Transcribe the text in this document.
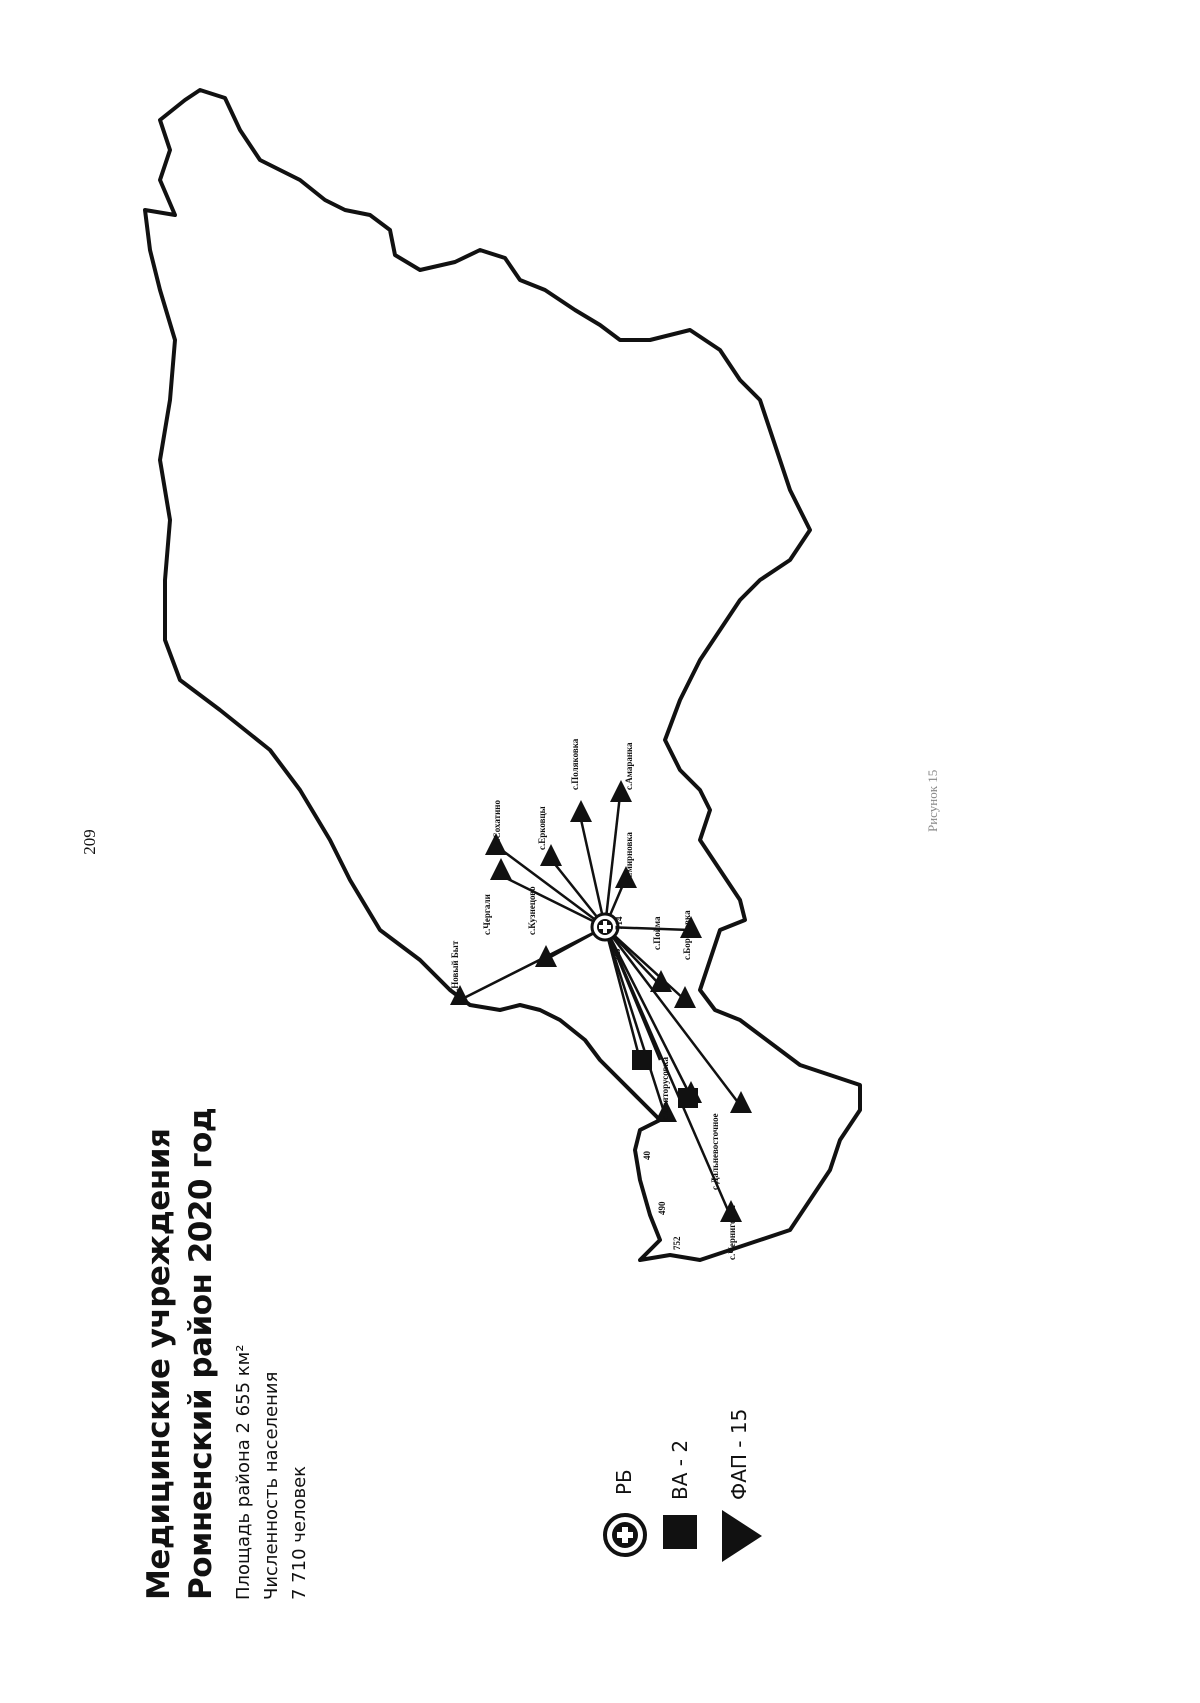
209
с.Новый Быт
с.Чергали
с.Сохатино
с.Кузнецово
с.Ерковцы
с.Поляковка
с.Смирновка
с.Амаранка
с.Борисовка
с.Пойма
с.Святорусовка
с.Дальневосточное
с.Черниговка
714
РБ
40
490
752
Медицинские учреждения Ромненский район 2020 год Площадь района 2 655 км² Численность населения 7 710 человек	РБ ВА - 2 ФАП - 15
Рисунок 15
